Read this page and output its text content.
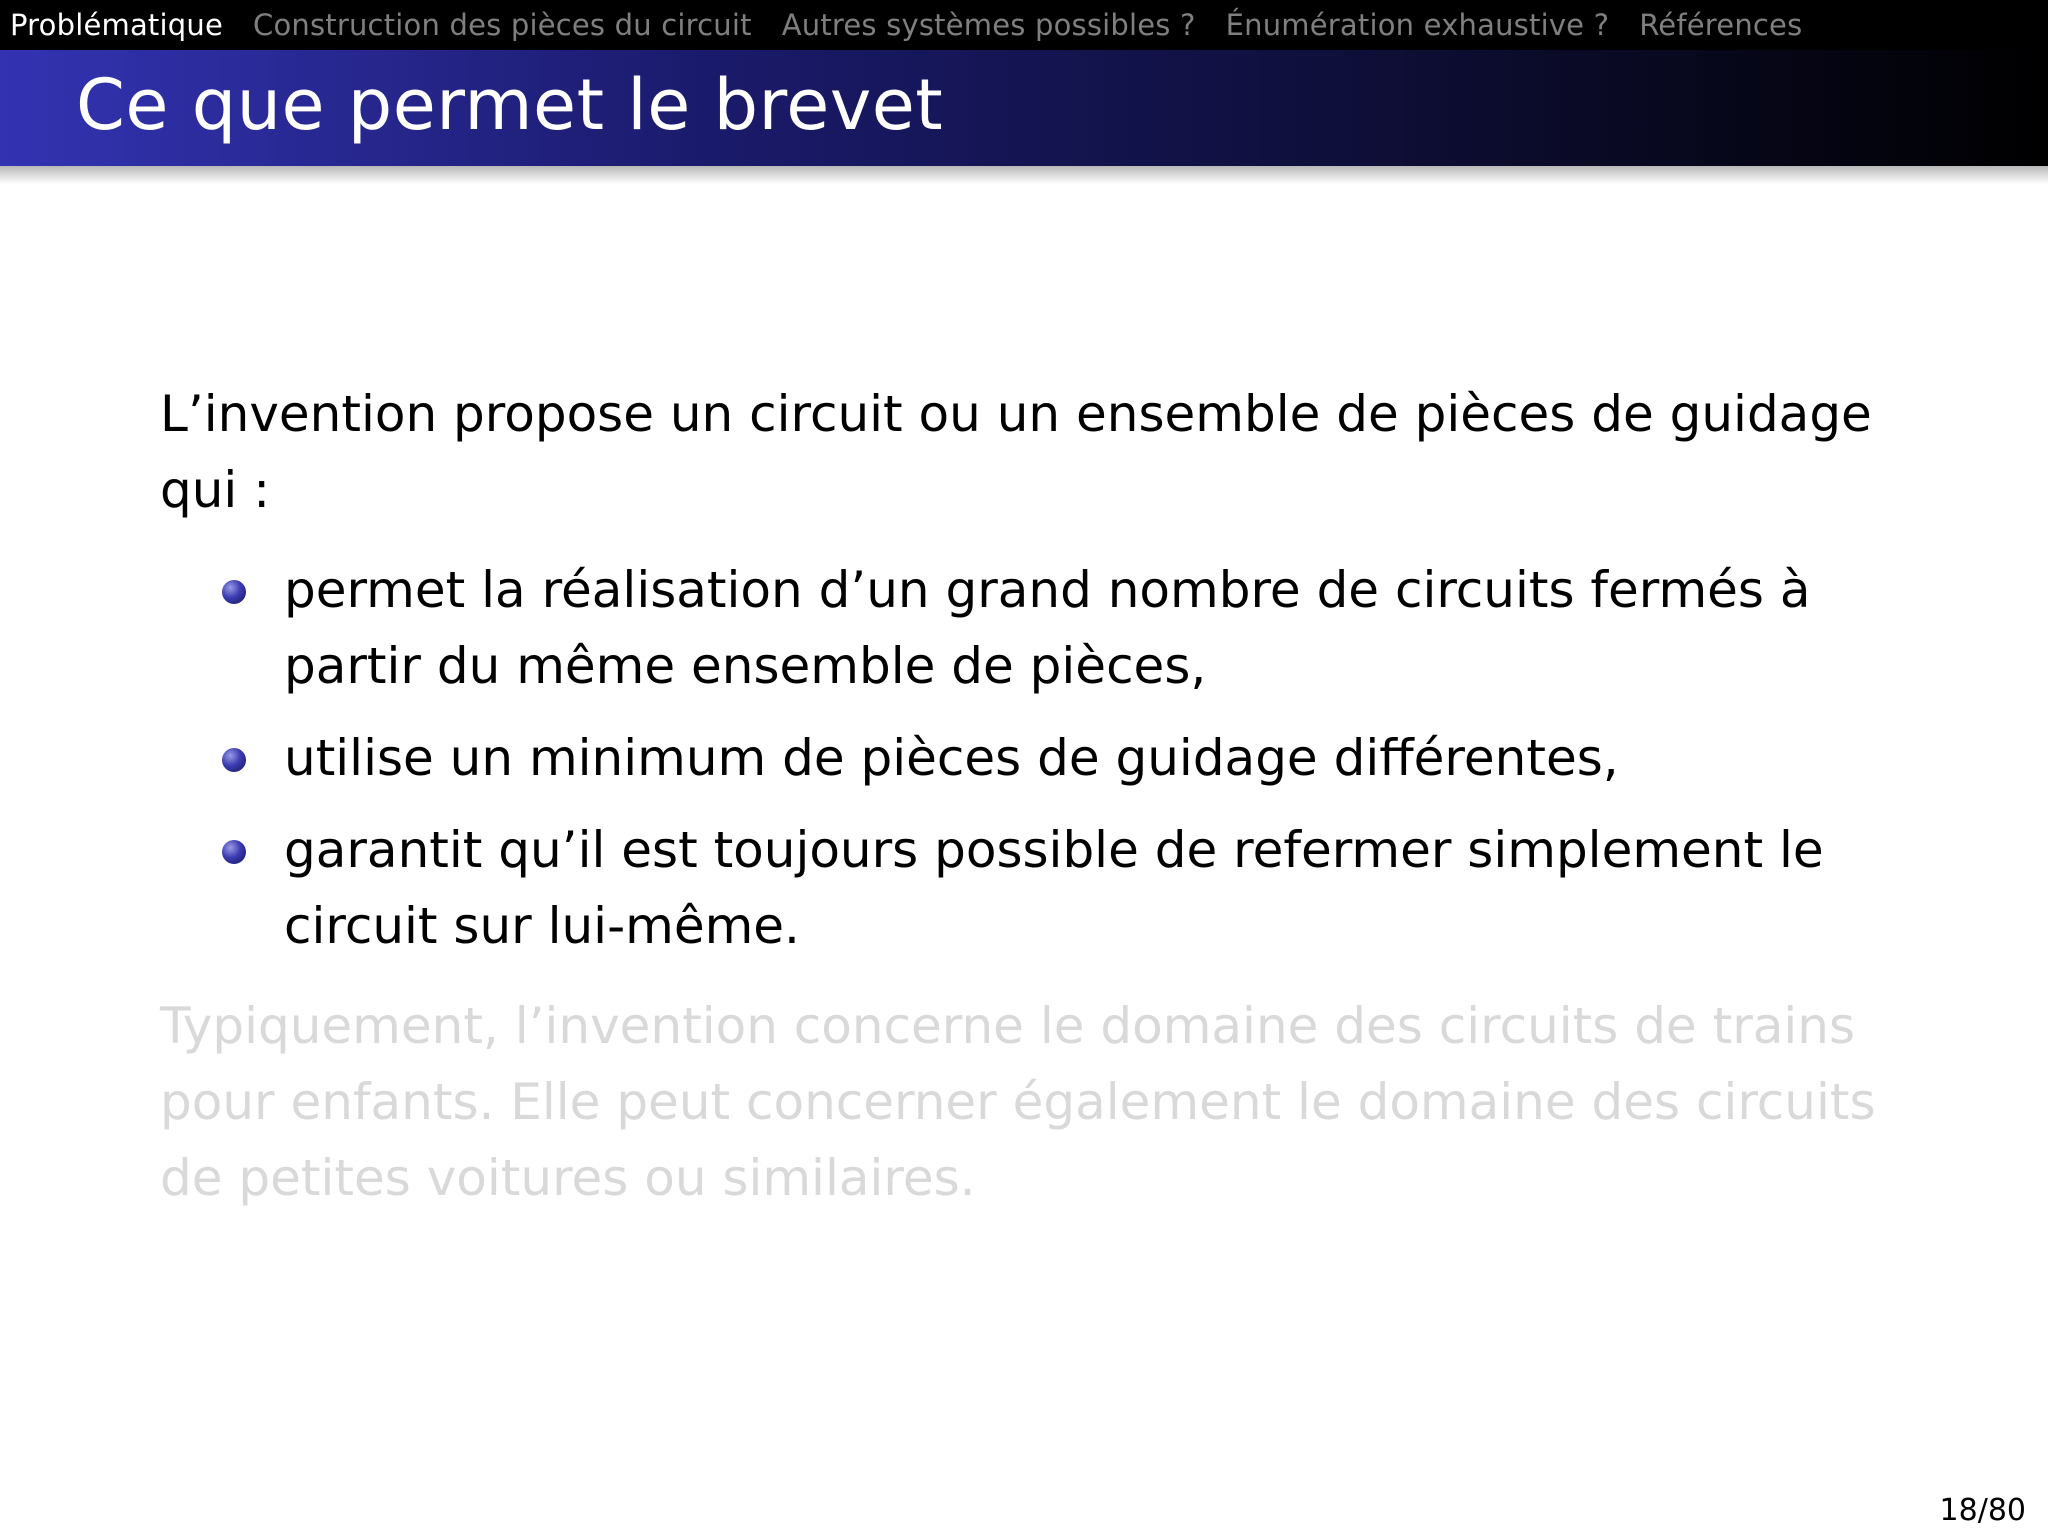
Problématique Construction des pièces du circuit Autres systèmes possibles ? Énumération exhaustive ? Références
Ce que permet le brevet

L’invention propose un circuit ou un ensemble de pièces de guidage qui :

permet la réalisation d’un grand nombre de circuits fermés à partir du même ensemble de pièces,
utilise un minimum de pièces de guidage différentes,
garantit qu’il est toujours possible de refermer simplement le circuit sur lui-même.

Typiquement, l’invention concerne le domaine des circuits de trains pour enfants. Elle peut concerner également le domaine des circuits de petites voitures ou similaires.

18/80
